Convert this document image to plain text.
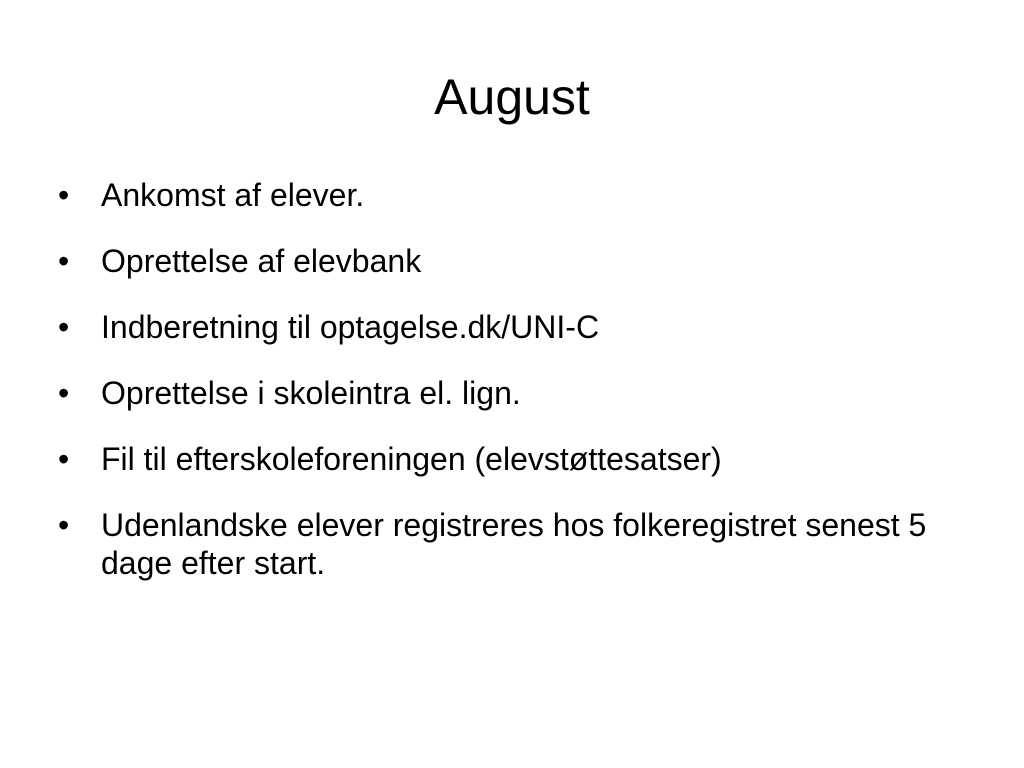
August
• Ankomst af elever.
• Oprettelse af elevbank
• Indberetning til optagelse.dk/UNI-C
• Oprettelse i skoleintra el. lign.
• Fil til efterskoleforeningen (elevstøttesatser)
• Udenlandske elever registreres hos folkeregistret senest 5 dage efter start.
